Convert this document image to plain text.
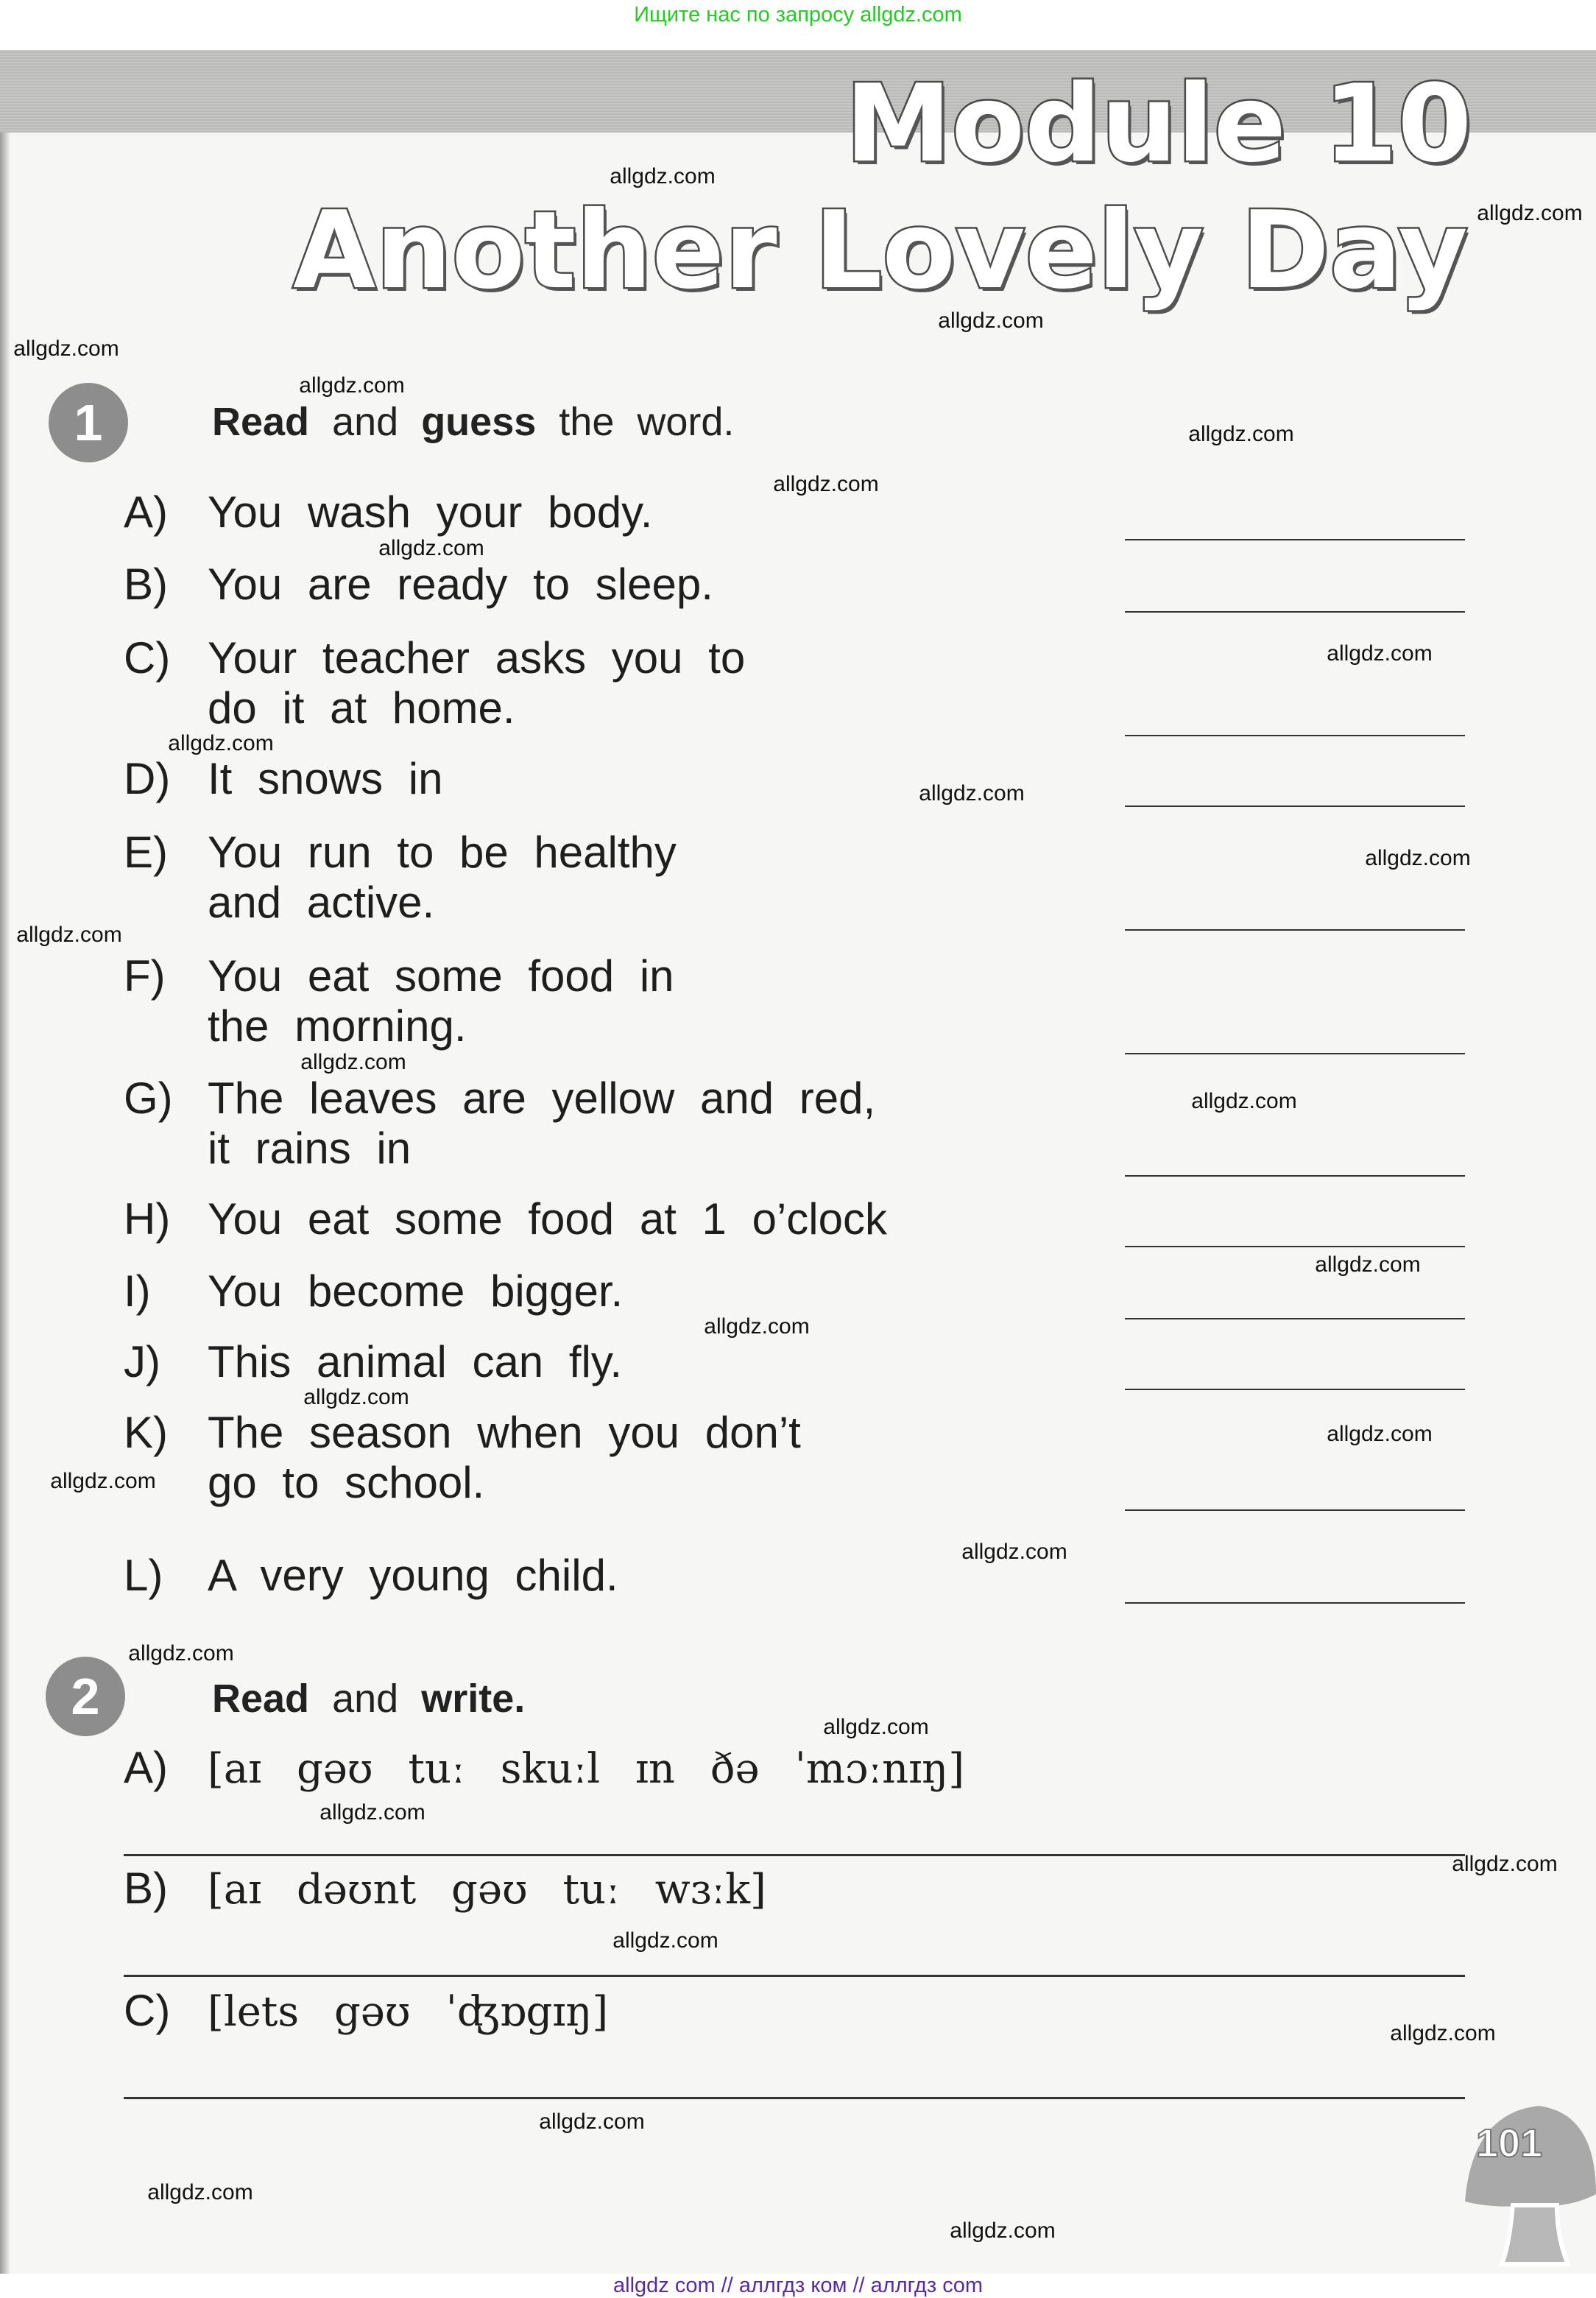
Ищите нас по запросу allgdz.com
Module 10
Another Lovely Day
1	Read and guess the word.
A) You wash your body.
B) You are ready to sleep.
C) Your teacher asks you to
do it at home.
D) It snows in
E) You run to be healthy
and active.
F) You eat some food in
the morning.
G) The leaves are yellow and red,
it rains in
H) You eat some food at 1 o’clock
I) You become bigger.
J) This animal can fly.
K) The season when you don’t
go to school.
L) A very young child.
2	Read and write.
A) [aɪ gəʊ tuː skuːl ɪn ðə ˈmɔːnɪŋ]
B) [aɪ dəʊnt gəʊ tuː wɜːk]
C) [lets gəʊ ˈʤɒgɪŋ]
101
allgdz.com
allgdz.com
allgdz.com
allgdz.com
allgdz.com
allgdz.com
allgdz.com
allgdz.com
allgdz.com
allgdz.com
allgdz.com
allgdz.com
allgdz.com
allgdz.com
allgdz.com
allgdz.com
allgdz.com
allgdz.com
allgdz.com
allgdz.com
allgdz.com
allgdz.com
allgdz.com
allgdz.com
allgdz.com
allgdz.com
allgdz.com
allgdz.com
allgdz.com
allgdz.com
allgdz com // аллгдз ком // аллгдз com
